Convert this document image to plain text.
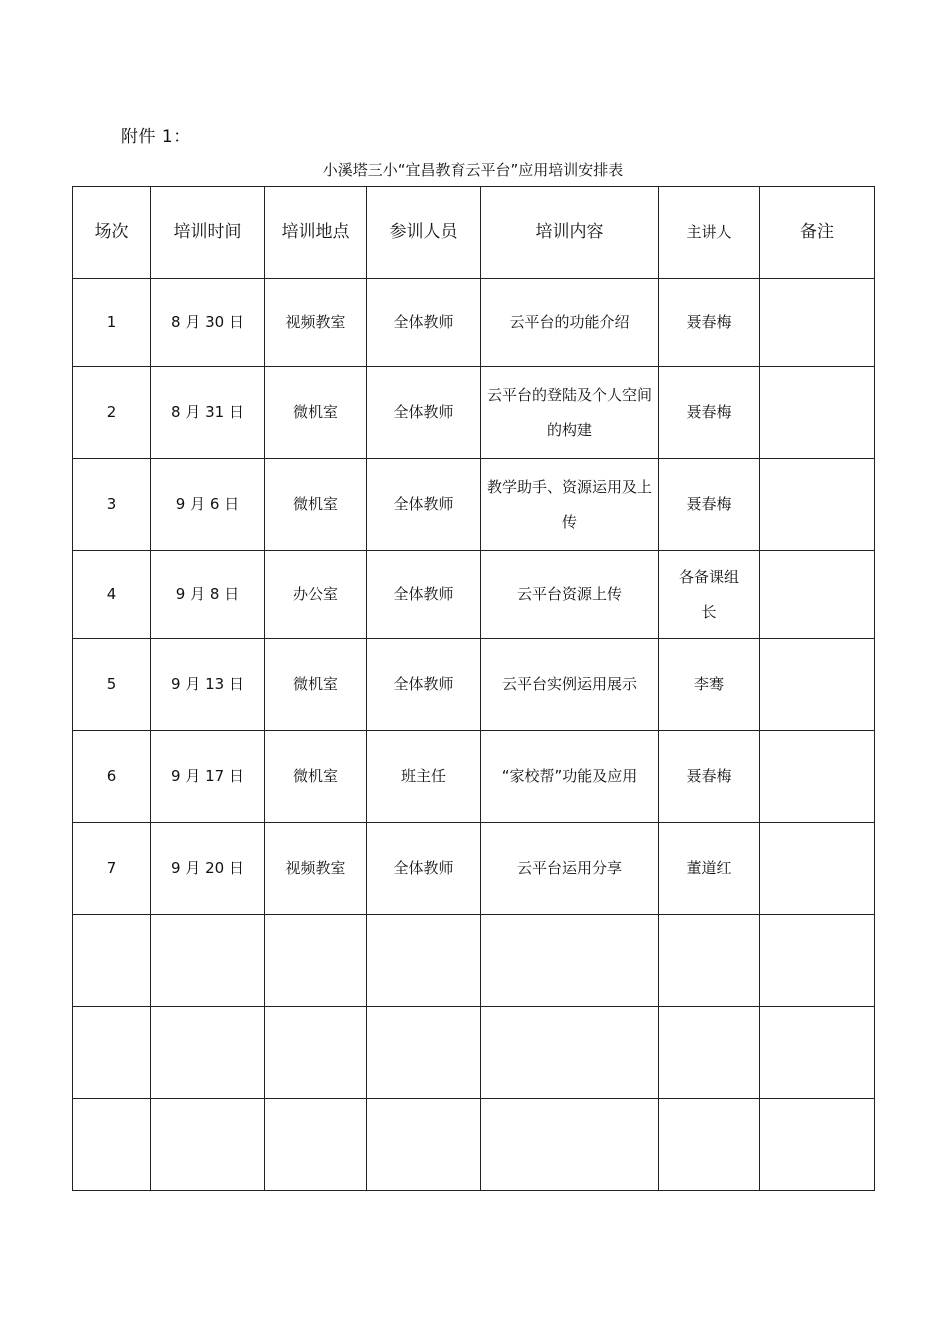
附件 1：
小溪塔三小“宜昌教育云平台”应用培训安排表
场次	培训时间	培训地点	参训人员	培训内容	主讲人	备注
1	8 月 30 日	视频教室	全体教师	云平台的功能介绍	聂春梅	
2	8 月 31 日	微机室	全体教师	云平台的登陆及个人空间的构建	聂春梅	
3	9 月 6 日	微机室	全体教师	教学助手、资源运用及上传	聂春梅	
4	9 月 8 日	办公室	全体教师	云平台资源上传	各备课组长	
5	9 月 13 日	微机室	全体教师	云平台实例运用展示	李骞	
6	9 月 17 日	微机室	班主任	“家校帮”功能及应用	聂春梅	
7	9 月 20 日	视频教室	全体教师	云平台运用分享	董道红	
